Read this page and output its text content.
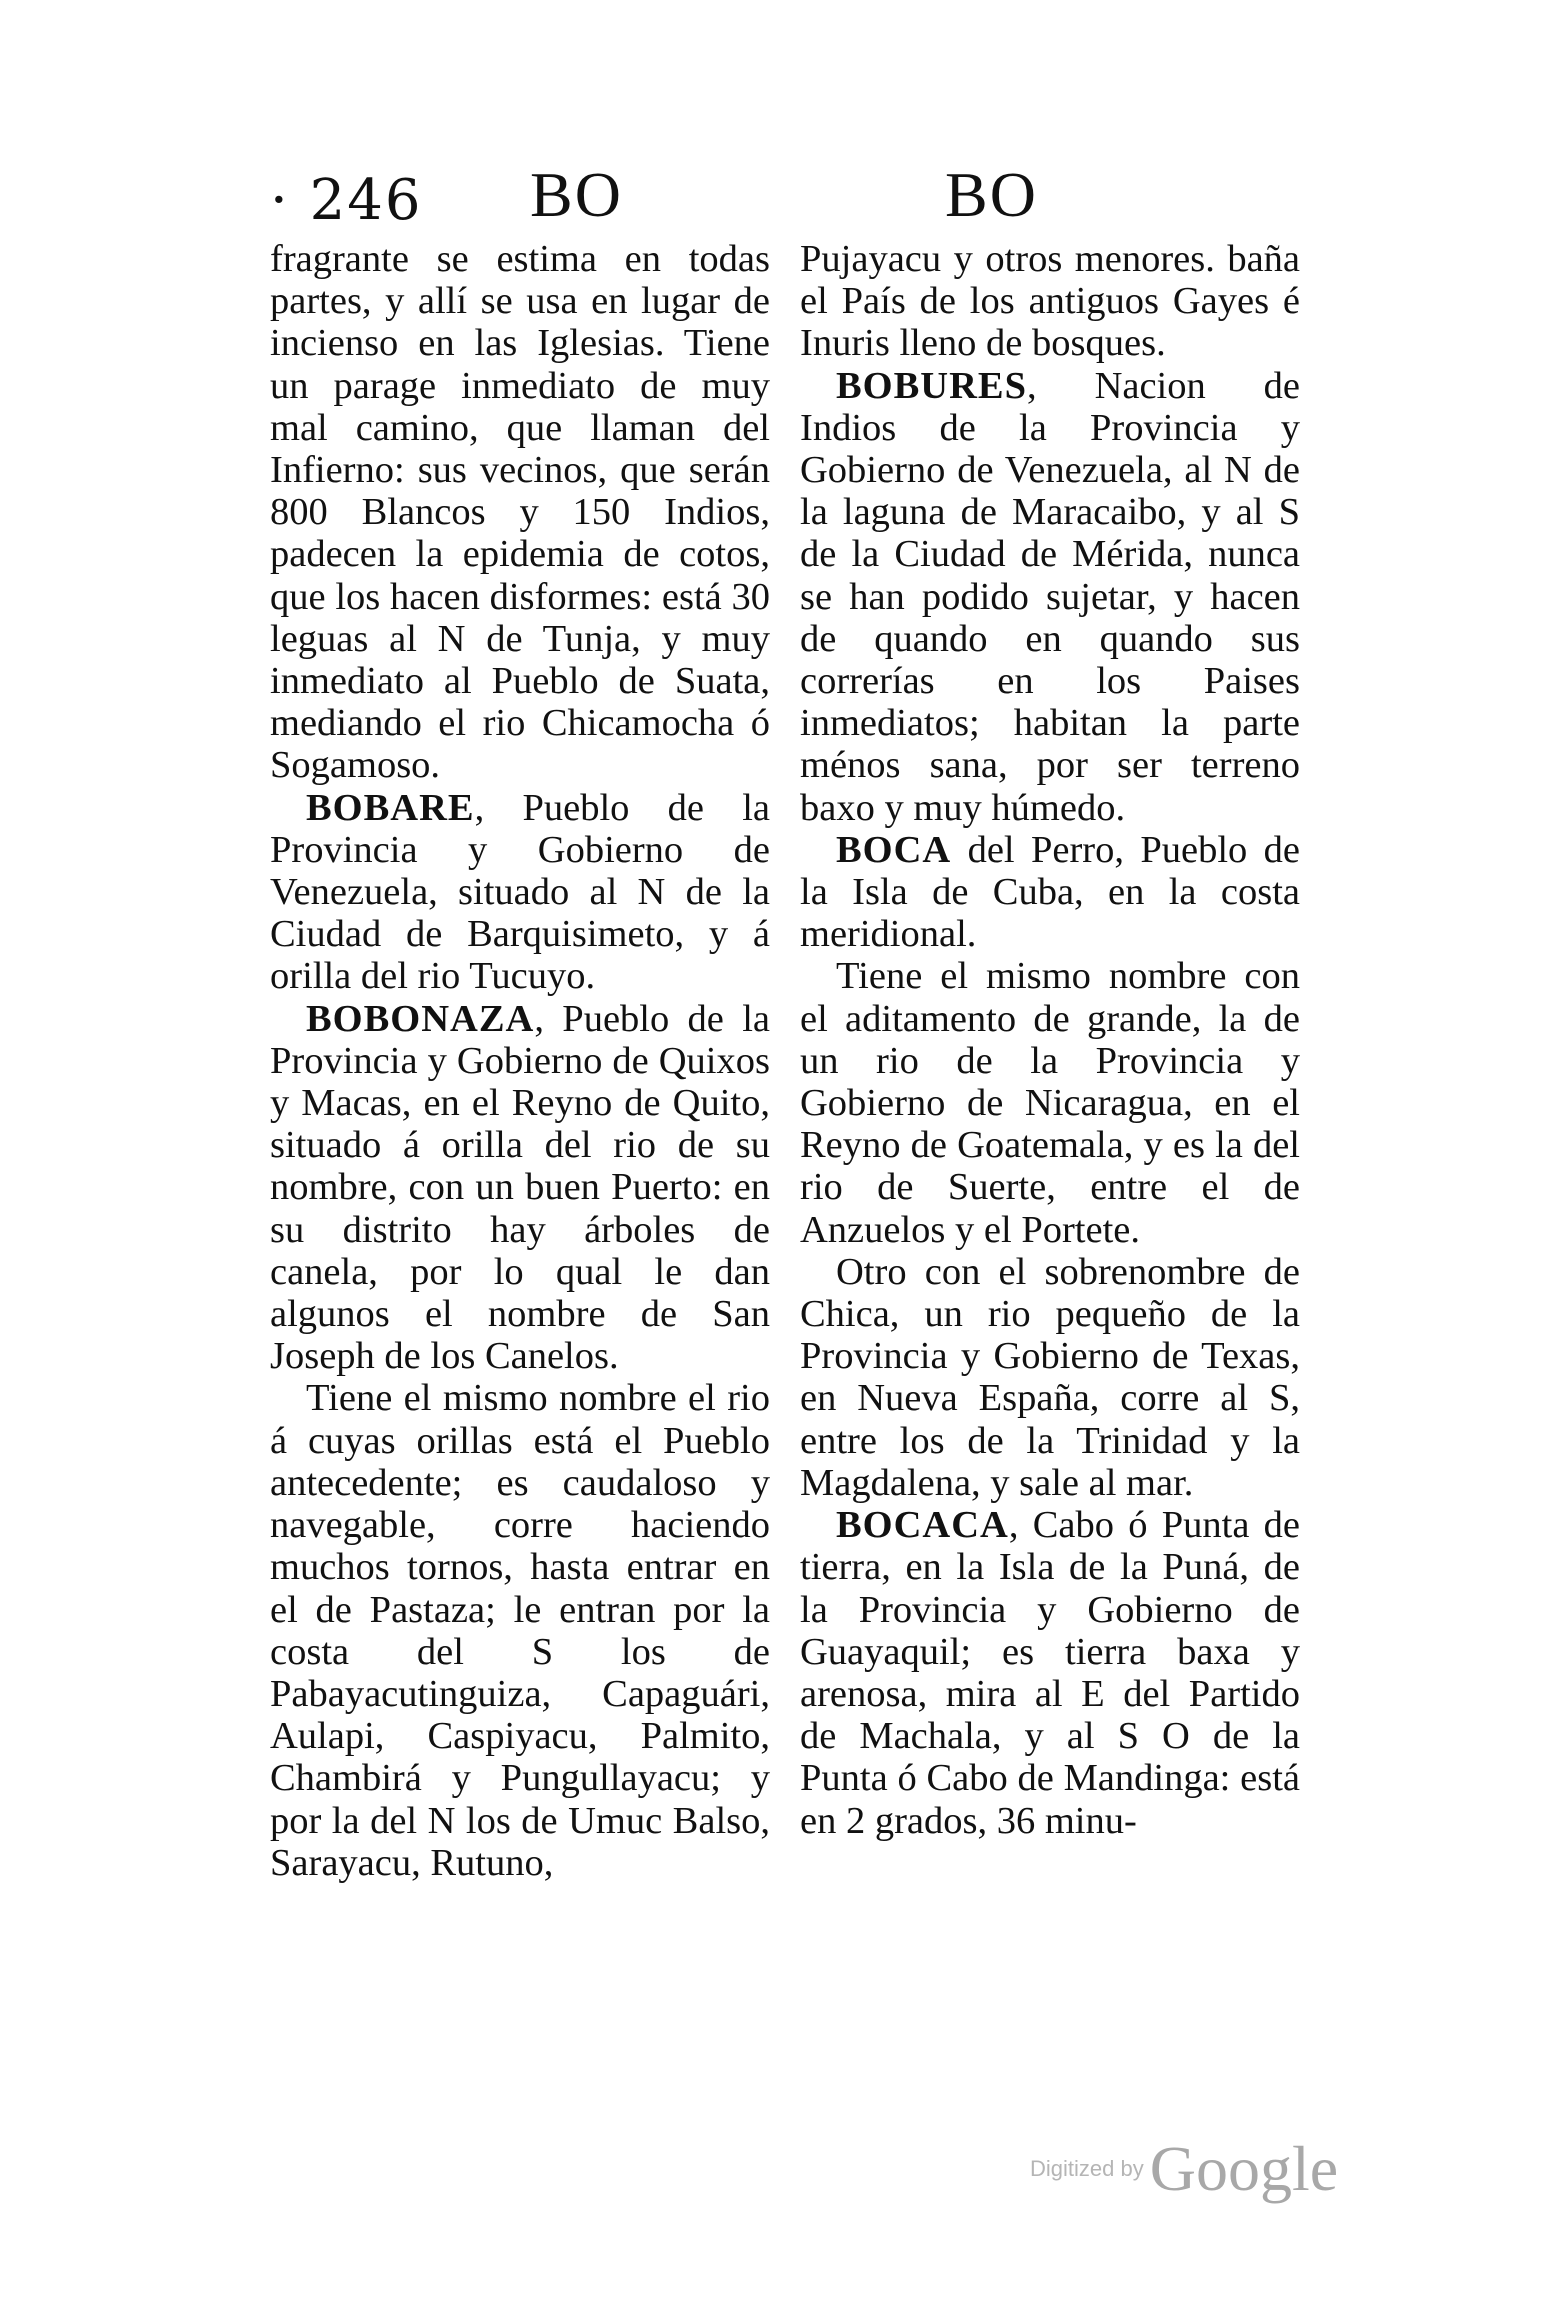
· 246 BO	BO

fragrante se estima en todas partes, y allí se usa en lugar de incienso en las Iglesias. Tiene un parage inmediato de muy mal camino, que llaman del Infierno: sus vecinos, que serán 800 Blancos y 150 Indios, padecen la epidemia de cotos, que los hacen disformes: está 30 leguas al N de Tunja, y muy inmediato al Pueblo de Suata, mediando el rio Chicamocha ó Sogamoso.

BOBARE, Pueblo de la Provincia y Gobierno de Venezuela, situado al N de la Ciudad de Barquisimeto, y á orilla del rio Tucuyo.

BOBONAZA, Pueblo de la Provincia y Gobierno de Quixos y Macas, en el Reyno de Quito, situado á orilla del rio de su nombre, con un buen Puerto: en su distrito hay árboles de canela, por lo qual le dan algunos el nombre de San Joseph de los Canelos.

Tiene el mismo nombre el rio á cuyas orillas está el Pueblo antecedente; es caudaloso y navegable, corre haciendo muchos tornos, hasta entrar en el de Pastaza; le entran por la costa del S los de Pabayacutinguiza, Capaguári, Aulapi, Caspiyacu, Palmito, Chambirá y Pungullayacu; y por la del N los de Umuc Balso, Sarayacu, Rutuno,

Pujayacu y otros menores. baña el País de los antiguos Gayes é Inuris lleno de bosques.

BOBURES, Nacion de Indios de la Provincia y Gobierno de Venezuela, al N de la laguna de Maracaibo, y al S de la Ciudad de Mérida, nunca se han podido sujetar, y hacen de quando en quando sus correrías en los Paises inmediatos; habitan la parte ménos sana, por ser terreno baxo y muy húmedo.

BOCA del Perro, Pueblo de la Isla de Cuba, en la costa meridional.

Tiene el mismo nombre con el aditamento de grande, la de un rio de la Provincia y Gobierno de Nicaragua, en el Reyno de Goatemala, y es la del rio de Suerte, entre el de Anzuelos y el Portete.

Otro con el sobrenombre de Chica, un rio pequeño de la Provincia y Gobierno de Texas, en Nueva España, corre al S, entre los de la Trinidad y la Magdalena, y sale al mar.

BOCACA, Cabo ó Punta de tierra, en la Isla de la Puná, de la Provincia y Gobierno de Guayaquil; es tierra baxa y arenosa, mira al E del Partido de Machala, y al S O de la Punta ó Cabo de Mandinga: está en 2 grados, 36 minu-

Digitized byGoogle
